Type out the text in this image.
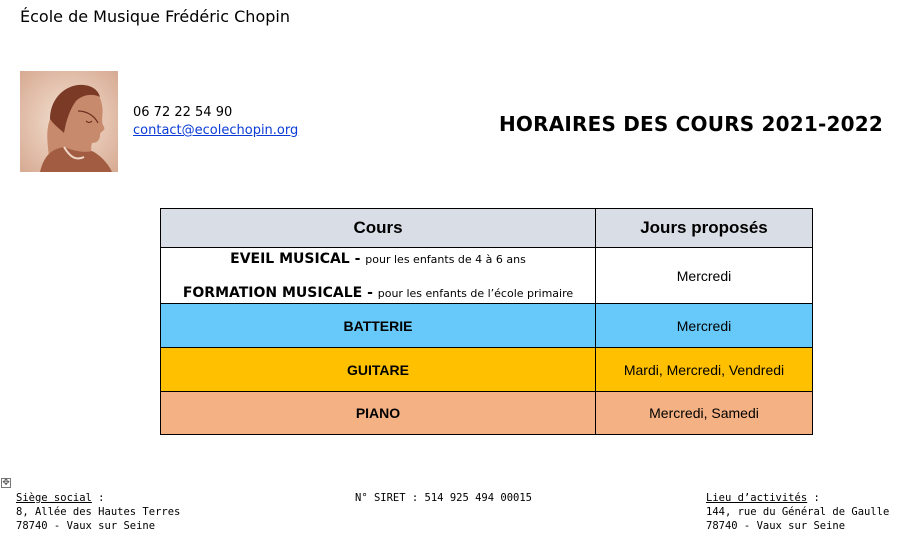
École de Musique Frédéric Chopin
06 72 22 54 90
contact@ecolechopin.org	HORAIRES DES COURS 2021-2022
Cours	Jours proposés

EVEIL MUSICAL - pour les enfants de 4 à 6 ans
FORMATION MUSICALE - pour les enfants de l’école primaire	Mercredi
BATTERIE	Mercredi
GUITARE	Mardi, Mercredi, Vendredi
PIANO	Mercredi, Samedi
✥
Siège social :
8, Allée des Hautes Terres
78740 - Vaux sur Seine
N° SIRET : 514 925 494 00015	Lieu d’activités :
144, rue du Général de Gaulle
78740 - Vaux sur Seine
